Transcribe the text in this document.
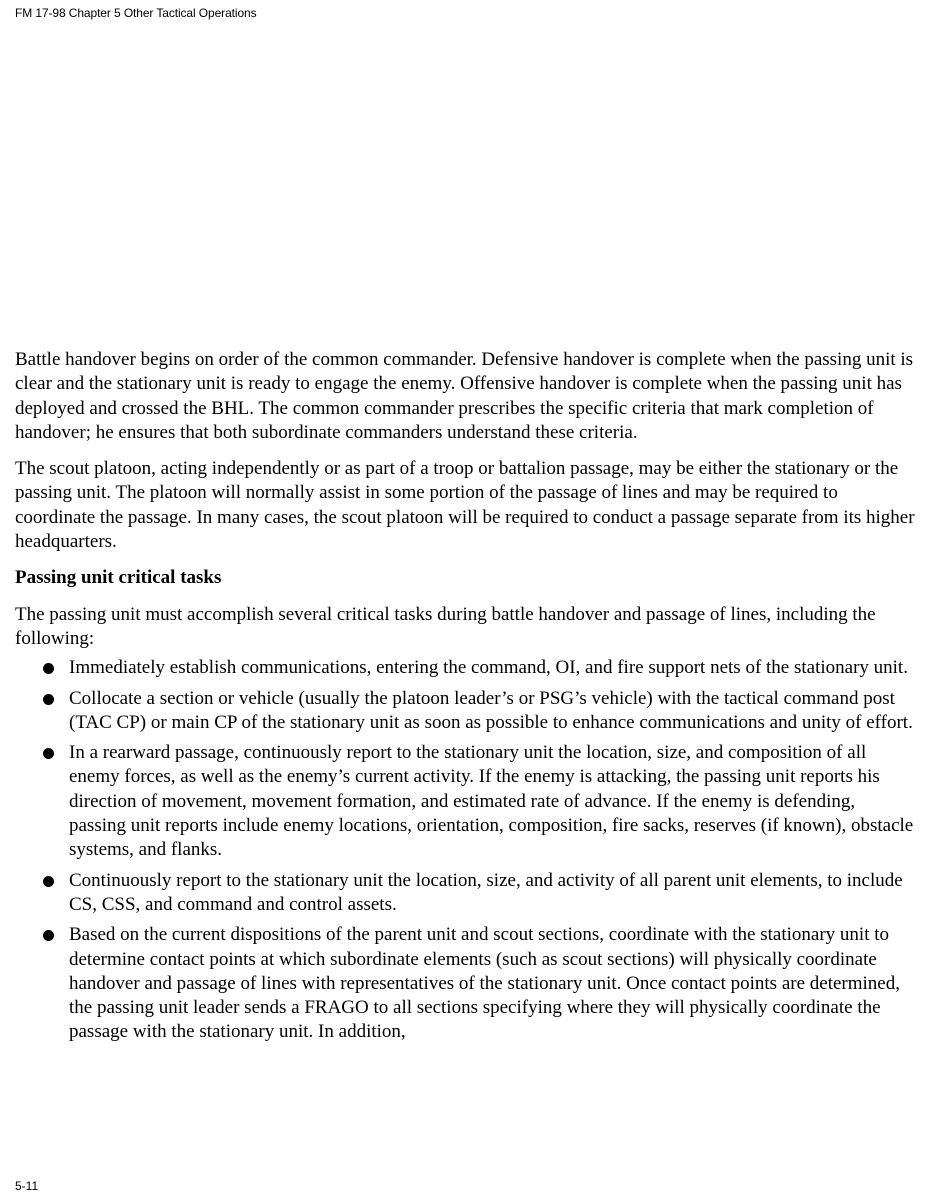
FM 17-98 Chapter 5 Other Tactical Operations

Battle handover begins on order of the common commander. Defensive handover is complete when the passing unit is clear and the stationary unit is ready to engage the enemy. Offensive handover is complete when the passing unit has deployed and crossed the BHL. The common commander prescribes the specific criteria that mark completion of handover; he ensures that both subordinate commanders understand these criteria.

The scout platoon, acting independently or as part of a troop or battalion passage, may be either the stationary or the passing unit. The platoon will normally assist in some portion of the passage of lines and may be required to coordinate the passage. In many cases, the scout platoon will be required to conduct a passage separate from its higher headquarters.

Passing unit critical tasks

The passing unit must accomplish several critical tasks during battle handover and passage of lines, including the following:

Immediately establish communications, entering the command, OI, and fire support nets of the stationary unit.
Collocate a section or vehicle (usually the platoon leader’s or PSG’s vehicle) with the tactical command post (TAC CP) or main CP of the stationary unit as soon as possible to enhance communications and unity of effort.
In a rearward passage, continuously report to the stationary unit the location, size, and composition of all enemy forces, as well as the enemy’s current activity. If the enemy is attacking, the passing unit reports his direction of movement, movement formation, and estimated rate of advance. If the enemy is defending, passing unit reports include enemy locations, orientation, composition, fire sacks, reserves (if known), obstacle systems, and flanks.
Continuously report to the stationary unit the location, size, and activity of all parent unit elements, to include CS, CSS, and command and control assets.
Based on the current dispositions of the parent unit and scout sections, coordinate with the stationary unit to determine contact points at which subordinate elements (such as scout sections) will physically coordinate handover and passage of lines with representatives of the stationary unit. Once contact points are determined, the passing unit leader sends a FRAGO to all sections specifying where they will physically coordinate the passage with the stationary unit. In addition,
5-11
